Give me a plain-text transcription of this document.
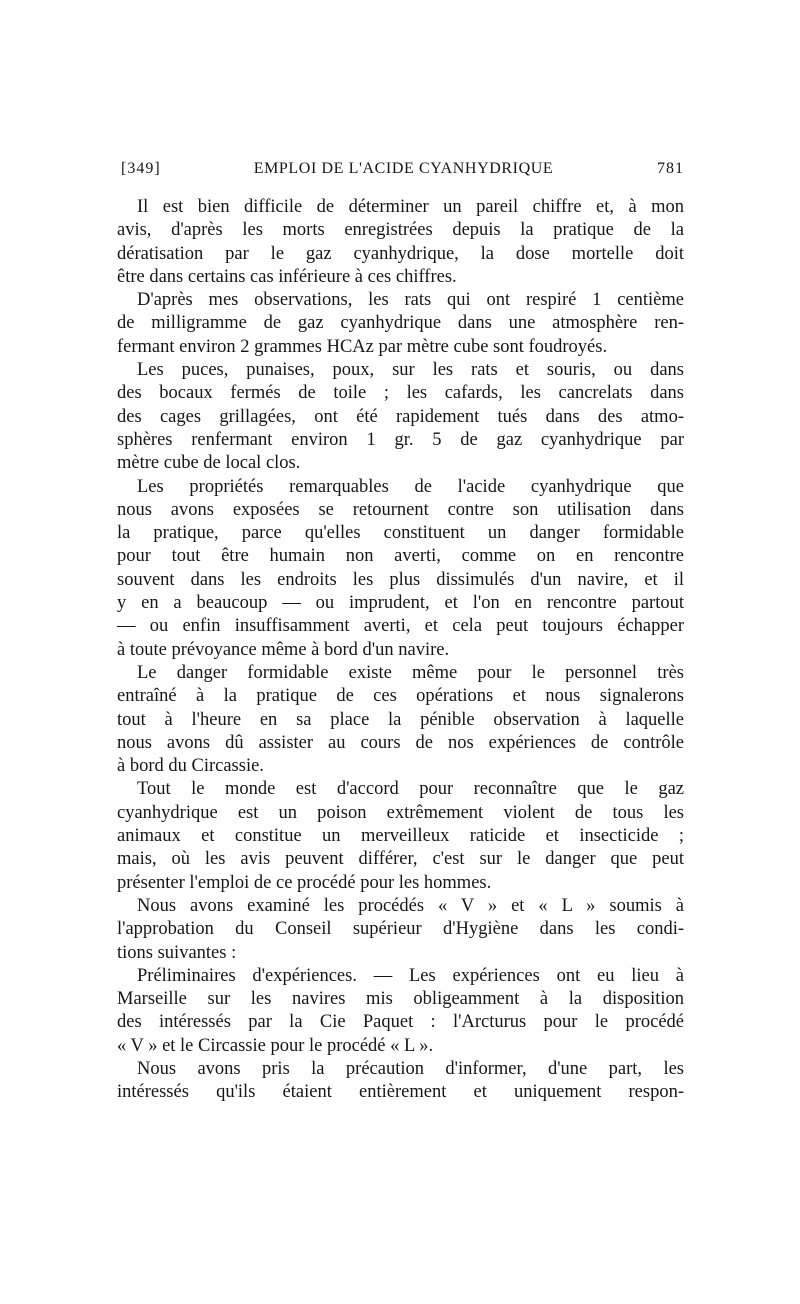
[349]	EMPLOI DE L'ACIDE CYANHYDRIQUE	781
Il est bien difficile de déterminer un pareil chiffre et, à mon
avis, d'après les morts enregistrées depuis la pratique de la
dératisation par le gaz cyanhydrique, la dose mortelle doit
être dans certains cas inférieure à ces chiffres.
D'après mes observations, les rats qui ont respiré 1 centième
de milligramme de gaz cyanhydrique dans une atmosphère ren-
fermant environ 2 grammes HCAz par mètre cube sont foudroyés.
Les puces, punaises, poux, sur les rats et souris, ou dans
des bocaux fermés de toile ; les cafards, les cancrelats dans
des cages grillagées, ont été rapidement tués dans des atmo-
sphères renfermant environ 1 gr. 5 de gaz cyanhydrique par
mètre cube de local clos.
Les propriétés remarquables de l'acide cyanhydrique que
nous avons exposées se retournent contre son utilisation dans
la pratique, parce qu'elles constituent un danger formidable
pour tout être humain non averti, comme on en rencontre
souvent dans les endroits les plus dissimulés d'un navire, et il
y en a beaucoup — ou imprudent, et l'on en rencontre partout
— ou enfin insuffisamment averti, et cela peut toujours échapper
à toute prévoyance même à bord d'un navire.
Le danger formidable existe même pour le personnel très
entraîné à la pratique de ces opérations et nous signalerons
tout à l'heure en sa place la pénible observation à laquelle
nous avons dû assister au cours de nos expériences de contrôle
à bord du Circassie.
Tout le monde est d'accord pour reconnaître que le gaz
cyanhydrique est un poison extrêmement violent de tous les
animaux et constitue un merveilleux raticide et insecticide ;
mais, où les avis peuvent différer, c'est sur le danger que peut
présenter l'emploi de ce procédé pour les hommes.
Nous avons examiné les procédés « V » et « L » soumis à
l'approbation du Conseil supérieur d'Hygiène dans les condi-
tions suivantes :
Préliminaires d'expériences. — Les expériences ont eu lieu à
Marseille sur les navires mis obligeamment à la disposition
des intéressés par la Cie Paquet : l'Arcturus pour le procédé
« V » et le Circassie pour le procédé « L ».
Nous avons pris la précaution d'informer, d'une part, les
intéressés qu'ils étaient entièrement et uniquement respon-
